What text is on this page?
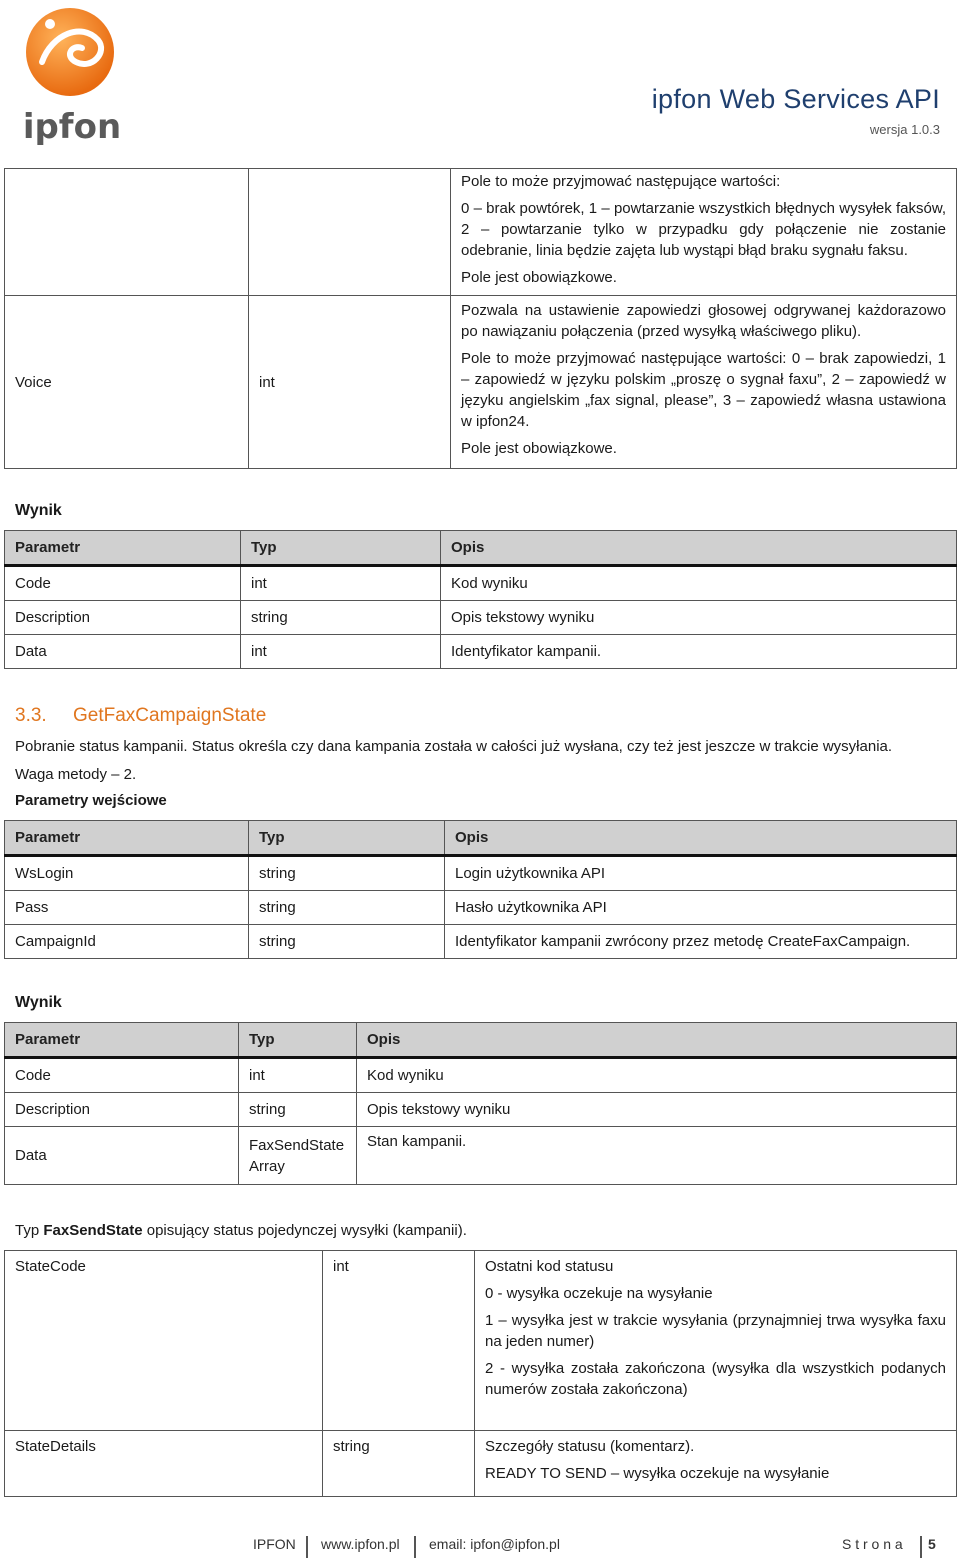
ipfon
ipfon Web Services API
wersja 1.0.3

		Pole to może przyjmować następujące wartości:

0 – brak powtórek, 1 – powtarzanie wszystkich błędnych wysyłek faksów, 2 – powtarzanie tylko w przypadku gdy połączenie nie zostanie odebranie, linia będzie zajęta lub wystąpi błąd braku sygnału faksu.

Pole jest obowiązkowe.

Voice	int	Pozwala na ustawienie zapowiedzi głosowej odgrywanej każdorazowo po nawiązaniu połączenia (przed wysyłką właściwego pliku).

Pole to może przyjmować następujące wartości: 0 – brak zapowiedzi, 1 – zapowiedź w języku polskim „proszę o sygnał faxu”, 2 – zapowiedź w języku angielskim „fax signal, please”, 3 – zapowiedź własna ustawiona w ipfon24.

Pole jest obowiązkowe.

Wynik
Parametr	Typ	Opis
Code	int	Kod wyniku
Description	string	Opis tekstowy wyniku
Data	int	Identyfikator kampanii.
3.3. GetFaxCampaignState
Pobranie status kampanii. Status określa czy dana kampania została w całości już wysłana, czy też jest jeszcze w trakcie wysyłania.
Waga metody – 2.
Parametry wejściowe
Parametr	Typ	Opis
WsLogin	string	Login użytkownika API
Pass	string	Hasło użytkownika API
CampaignId	string	Identyfikator kampanii zwrócony przez metodę CreateFaxCampaign.
Wynik
Parametr	Typ	Opis
Code	int	Kod wyniku
Description	string	Opis tekstowy wyniku
Data	FaxSendState Array	Stan kampanii.
Typ FaxSendState opisujący status pojedynczej wysyłki (kampanii).
StateCode	int	Ostatni kod statusu

0 - wysyłka oczekuje na wysyłanie

1 – wysyłka jest w trakcie wysyłania (przynajmniej trwa wysyłka faxu na jeden numer)

2 - wysyłka została zakończona (wysyłka dla wszystkich podanych numerów została zakończona)

StateDetails	string	Szczegóły statusu (komentarz).

READY TO SEND – wysyłka oczekuje na wysyłanie

IPFON www.ipfon.pl email: ipfon@ipfon.pl	S t r o n a 5
